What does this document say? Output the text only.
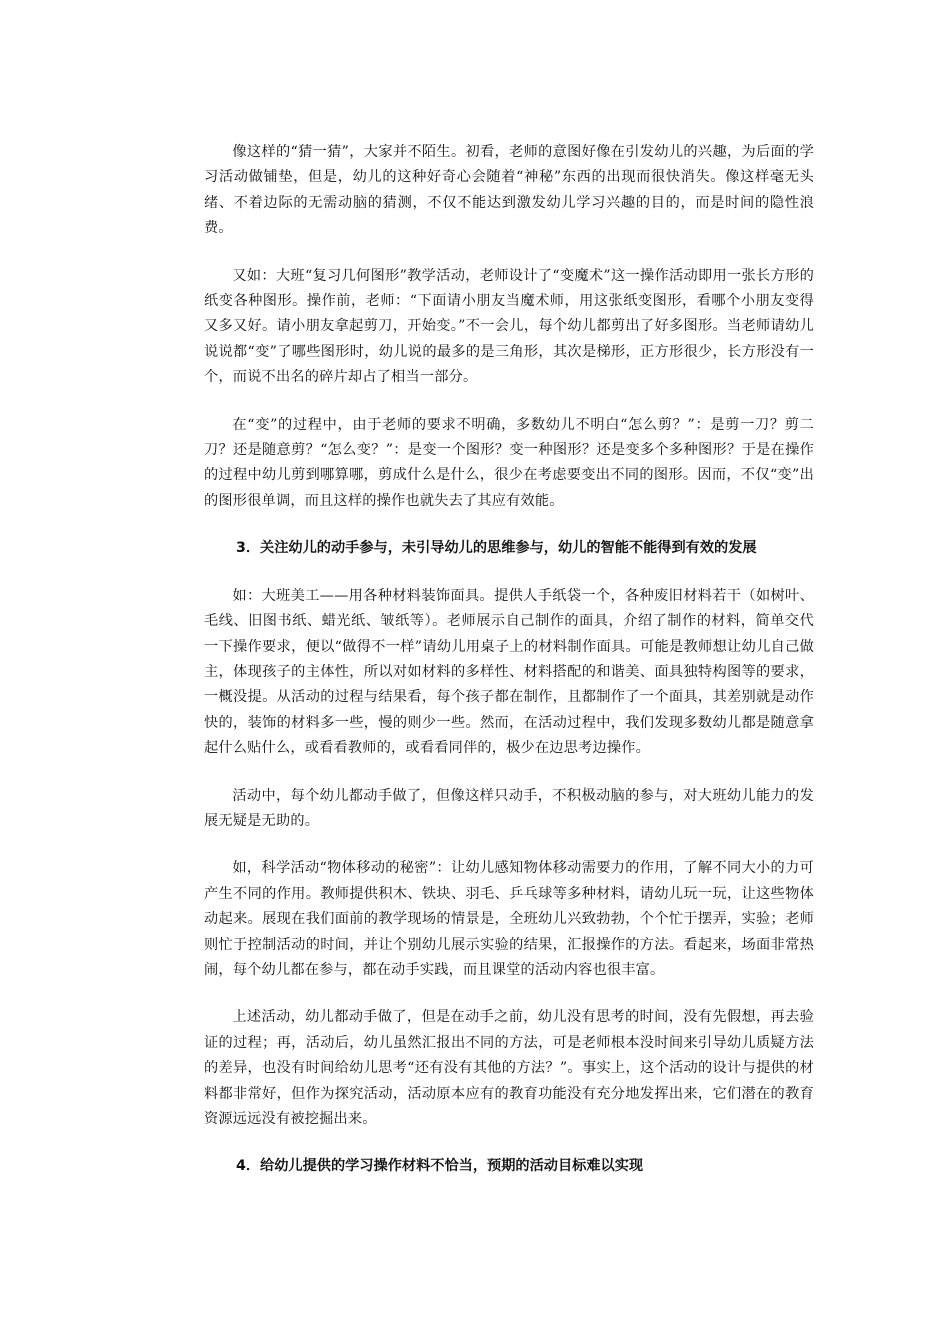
像这样的“猜一猜”，大家并不陌生。初看，老师的意图好像在引发幼儿的兴趣，为后面的学习活动做铺垫，但是，幼儿的这种好奇心会随着“神秘”东西的出现而很快消失。像这样毫无头绪、不着边际的无需动脑的猜测，不仅不能达到激发幼儿学习兴趣的目的，而是时间的隐性浪费。

又如：大班“复习几何图形”教学活动，老师设计了“变魔术”这一操作活动即用一张长方形的纸变各种图形。操作前，老师：“下面请小朋友当魔术师，用这张纸变图形，看哪个小朋友变得又多又好。请小朋友拿起剪刀，开始变。”不一会儿，每个幼儿都剪出了好多图形。当老师请幼儿说说都“变”了哪些图形时，幼儿说的最多的是三角形，其次是梯形，正方形很少，长方形没有一个，而说不出名的碎片却占了相当一部分。

在“变”的过程中，由于老师的要求不明确，多数幼儿不明白“怎么剪？”：是剪一刀？剪二刀？还是随意剪？“怎么变？”：是变一个图形？变一种图形？还是变多个多种图形？于是在操作的过程中幼儿剪到哪算哪，剪成什么是什么，很少在考虑要变出不同的图形。因而，不仅“变”出的图形很单调，而且这样的操作也就失去了其应有效能。

3．关注幼儿的动手参与，未引导幼儿的思维参与，幼儿的智能不能得到有效的发展

如：大班美工——用各种材料装饰面具。提供人手纸袋一个，各种废旧材料若干（如树叶、毛线、旧图书纸、蜡光纸、皱纸等）。老师展示自己制作的面具，介绍了制作的材料，简单交代一下操作要求，便以“做得不一样”请幼儿用桌子上的材料制作面具。可能是教师想让幼儿自己做主，体现孩子的主体性，所以对如材料的多样性、材料搭配的和谐美、面具独特构图等的要求，一概没提。从活动的过程与结果看，每个孩子都在制作，且都制作了一个面具，其差别就是动作快的，装饰的材料多一些，慢的则少一些。然而，在活动过程中，我们发现多数幼儿都是随意拿起什么贴什么，或看看教师的，或看看同伴的，极少在边思考边操作。

活动中，每个幼儿都动手做了，但像这样只动手，不积极动脑的参与，对大班幼儿能力的发展无疑是无助的。

如，科学活动“物体移动的秘密”：让幼儿感知物体移动需要力的作用，了解不同大小的力可产生不同的作用。教师提供积木、铁块、羽毛、乒乓球等多种材料，请幼儿玩一玩，让这些物体动起来。展现在我们面前的教学现场的情景是，全班幼儿兴致勃勃，个个忙于摆弄，实验；老师则忙于控制活动的时间，并让个别幼儿展示实验的结果，汇报操作的方法。看起来，场面非常热闹，每个幼儿都在参与，都在动手实践，而且课堂的活动内容也很丰富。

上述活动，幼儿都动手做了，但是在动手之前，幼儿没有思考的时间，没有先假想，再去验证的过程；再，活动后，幼儿虽然汇报出不同的方法，可是老师根本没时间来引导幼儿质疑方法的差异，也没有时间给幼儿思考“还有没有其他的方法？”。事实上，这个活动的设计与提供的材料都非常好，但作为探究活动，活动原本应有的教育功能没有充分地发挥出来，它们潜在的教育资源远远没有被挖掘出来。

4．给幼儿提供的学习操作材料不恰当，预期的活动目标难以实现
